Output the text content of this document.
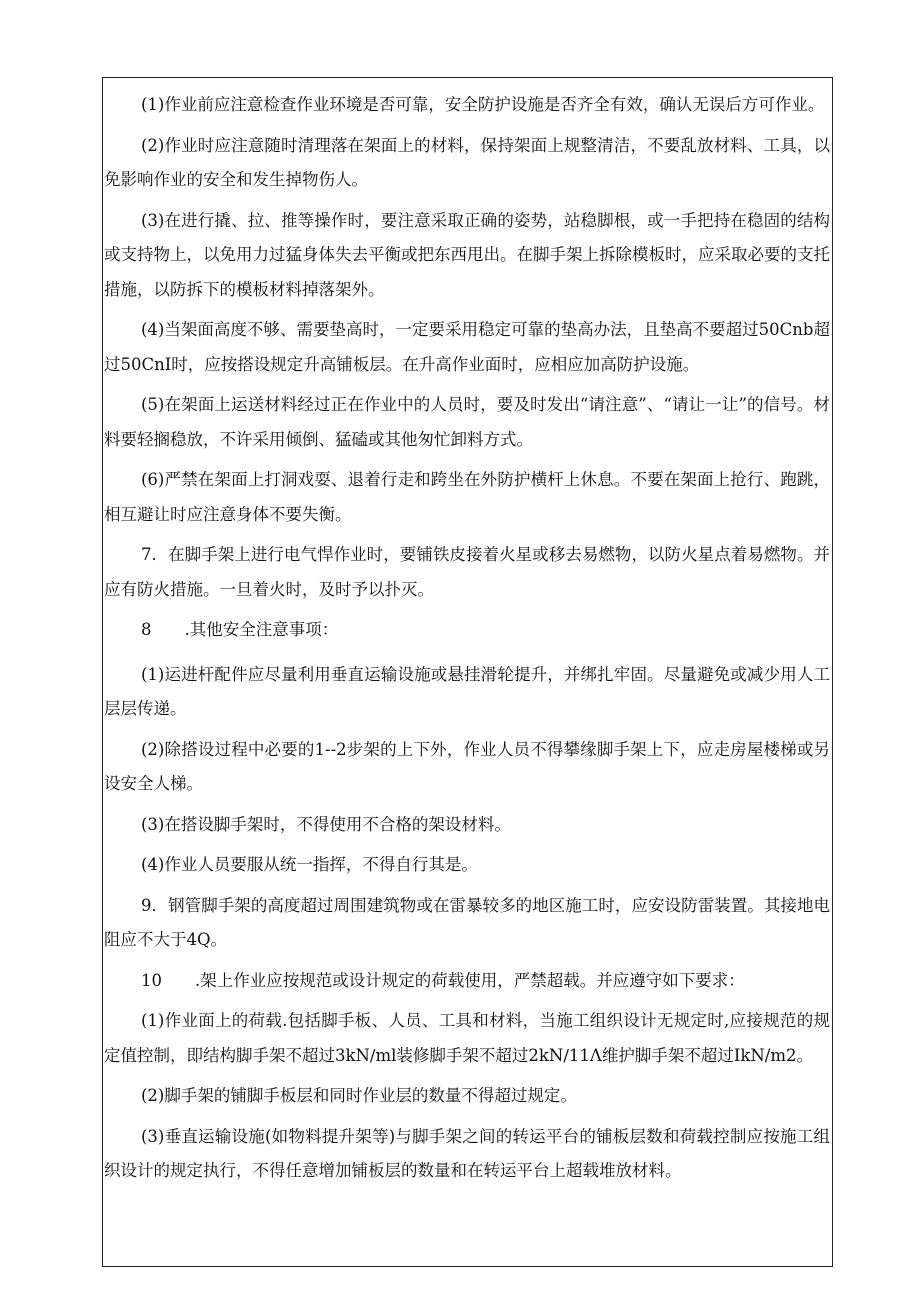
(1)作业前应注意检查作业环境是否可靠，安全防护设施是否齐全有效，确认无误后方可作业。

(2)作业时应注意随时清理落在架面上的材料，保持架面上规整清洁，不要乱放材料、工具，以免影响作业的安全和发生掉物伤人。

(3)在进行撬、拉、推等操作时，要注意采取正确的姿势，站稳脚根，或一手把持在稳固的结构或支持物上，以免用力过猛身体失去平衡或把东西甩出。在脚手架上拆除模板时，应采取必要的支托措施，以防拆下的模板材料掉落架外。

(4)当架面高度不够、需要垫高时，一定要采用稳定可靠的垫高办法，且垫高不要超过50Cnb超过50CnI时，应按搭设规定升高铺板层。在升高作业面时，应相应加高防护设施。

(5)在架面上运送材料经过正在作业中的人员时，要及时发出“请注意”、“请让一让”的信号。材料要轻搁稳放，不许采用倾倒、猛磕或其他匆忙卸料方式。

(6)严禁在架面上打洞戏耍、退着行走和跨坐在外防护横杆上休息。不要在架面上抢行、跑跳，相互避让时应注意身体不要失衡。

7．在脚手架上进行电气悍作业时，要铺铁皮接着火星或移去易燃物，以防火星点着易燃物。并应有防火措施。一旦着火时，及时予以扑灭。

8　　.其他安全注意事项：

(1)运进杆配件应尽量利用垂直运输设施或悬挂滑轮提升，并绑扎牢固。尽量避免或减少用人工层层传递。

(2)除搭设过程中必要的1--2步架的上下外，作业人员不得攀缘脚手架上下，应走房屋楼梯或另设安全人梯。

(3)在搭设脚手架时，不得使用不合格的架设材料。

(4)作业人员要服从统一指挥，不得自行其是。

9．钢管脚手架的高度超过周围建筑物或在雷暴较多的地区施工时，应安设防雷装置。其接地电阻应不大于4Q。

10　　.架上作业应按规范或设计规定的荷载使用，严禁超载。并应遵守如下要求：

(1)作业面上的荷载.包括脚手板、人员、工具和材料，当施工组织设计无规定时,应接规范的规定值控制，即结构脚手架不超过3kN∕ml装修脚手架不超过2kN∕11Λ维护脚手架不超过IkN/m2。

(2)脚手架的铺脚手板层和同时作业层的数量不得超过规定。

(3)垂直运输设施(如物料提升架等)与脚手架之间的转运平台的铺板层数和荷载控制应按施工组织设计的规定执行，不得任意增加铺板层的数量和在转运平台上超载堆放材料。
